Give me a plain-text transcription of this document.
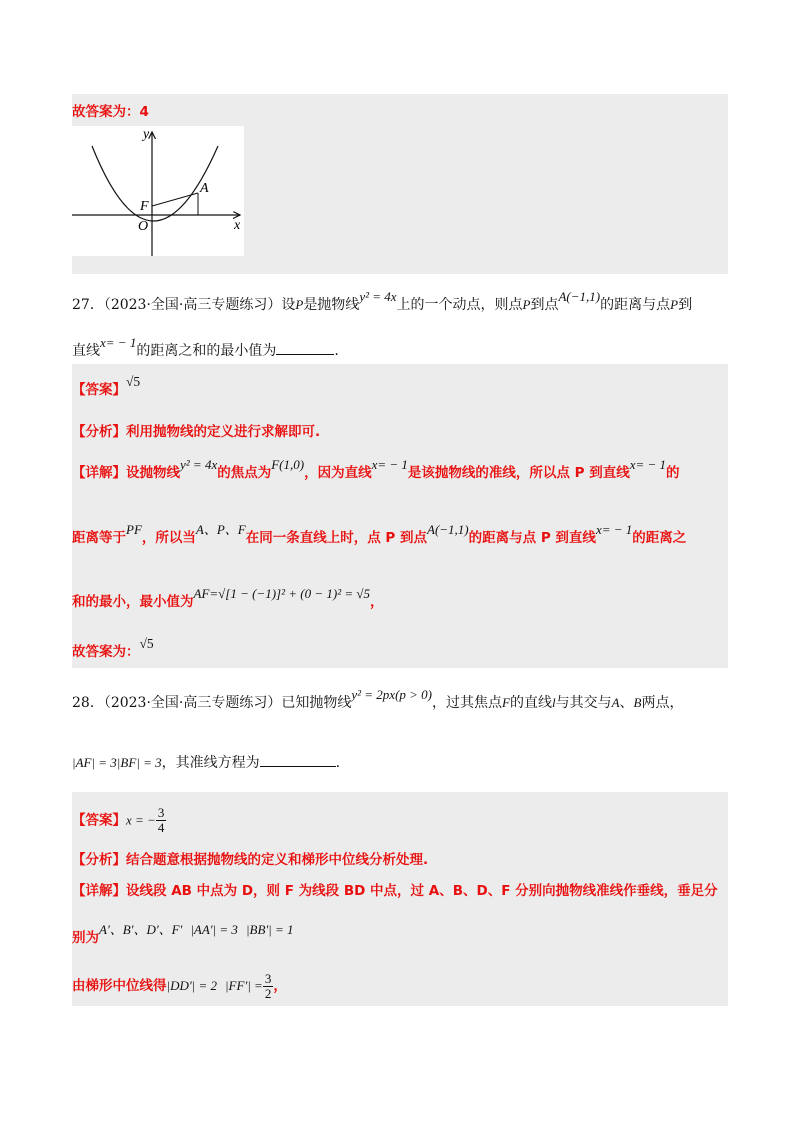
故答案为：4
y
x
O
F
A
27．（2023·全国·高三专题练习）设P是抛物线y² = 4x上的一个动点，则点P到点A(−1,1)的距离与点P到
直线x= − 1的距离之和的最小值为	.
【答案】√5
【分析】利用抛物线的定义进行求解即可.
【详解】设抛物线y² = 4x的焦点为F(1,0)，因为直线x= − 1是该抛物线的准线，所以点 P 到直线x= − 1的
距离等于PF，所以当A、P、F在同一条直线上时，点 P 到点A(−1,1)的距离与点 P 到直线x= − 1的距离之
和的最小，最小值为AF=√[1 − (−1)]² + (0 − 1)² = √5，
故答案为：√5
28．（2023·全国·高三专题练习）已知抛物线y² = 2px(p > 0)，过其焦点F的直线l与其交与A、B两点，
|AF| = 3|BF| = 3，其准线方程为	.
【答案】x = − $\frac{3}{4}$
【分析】结合题意根据抛物线的定义和梯形中位线分析处理.
【详解】设线段 AB 中点为 D，则 F 为线段 BD 中点，过 A、B、D、F 分别向抛物线准线作垂线，垂足分
别为A'、B'、D'、F' |AA'| = 3 |BB'| = 1
由梯形中位线得|DD'| = 2 $|FF'| = \frac{3}{2}$ ，
